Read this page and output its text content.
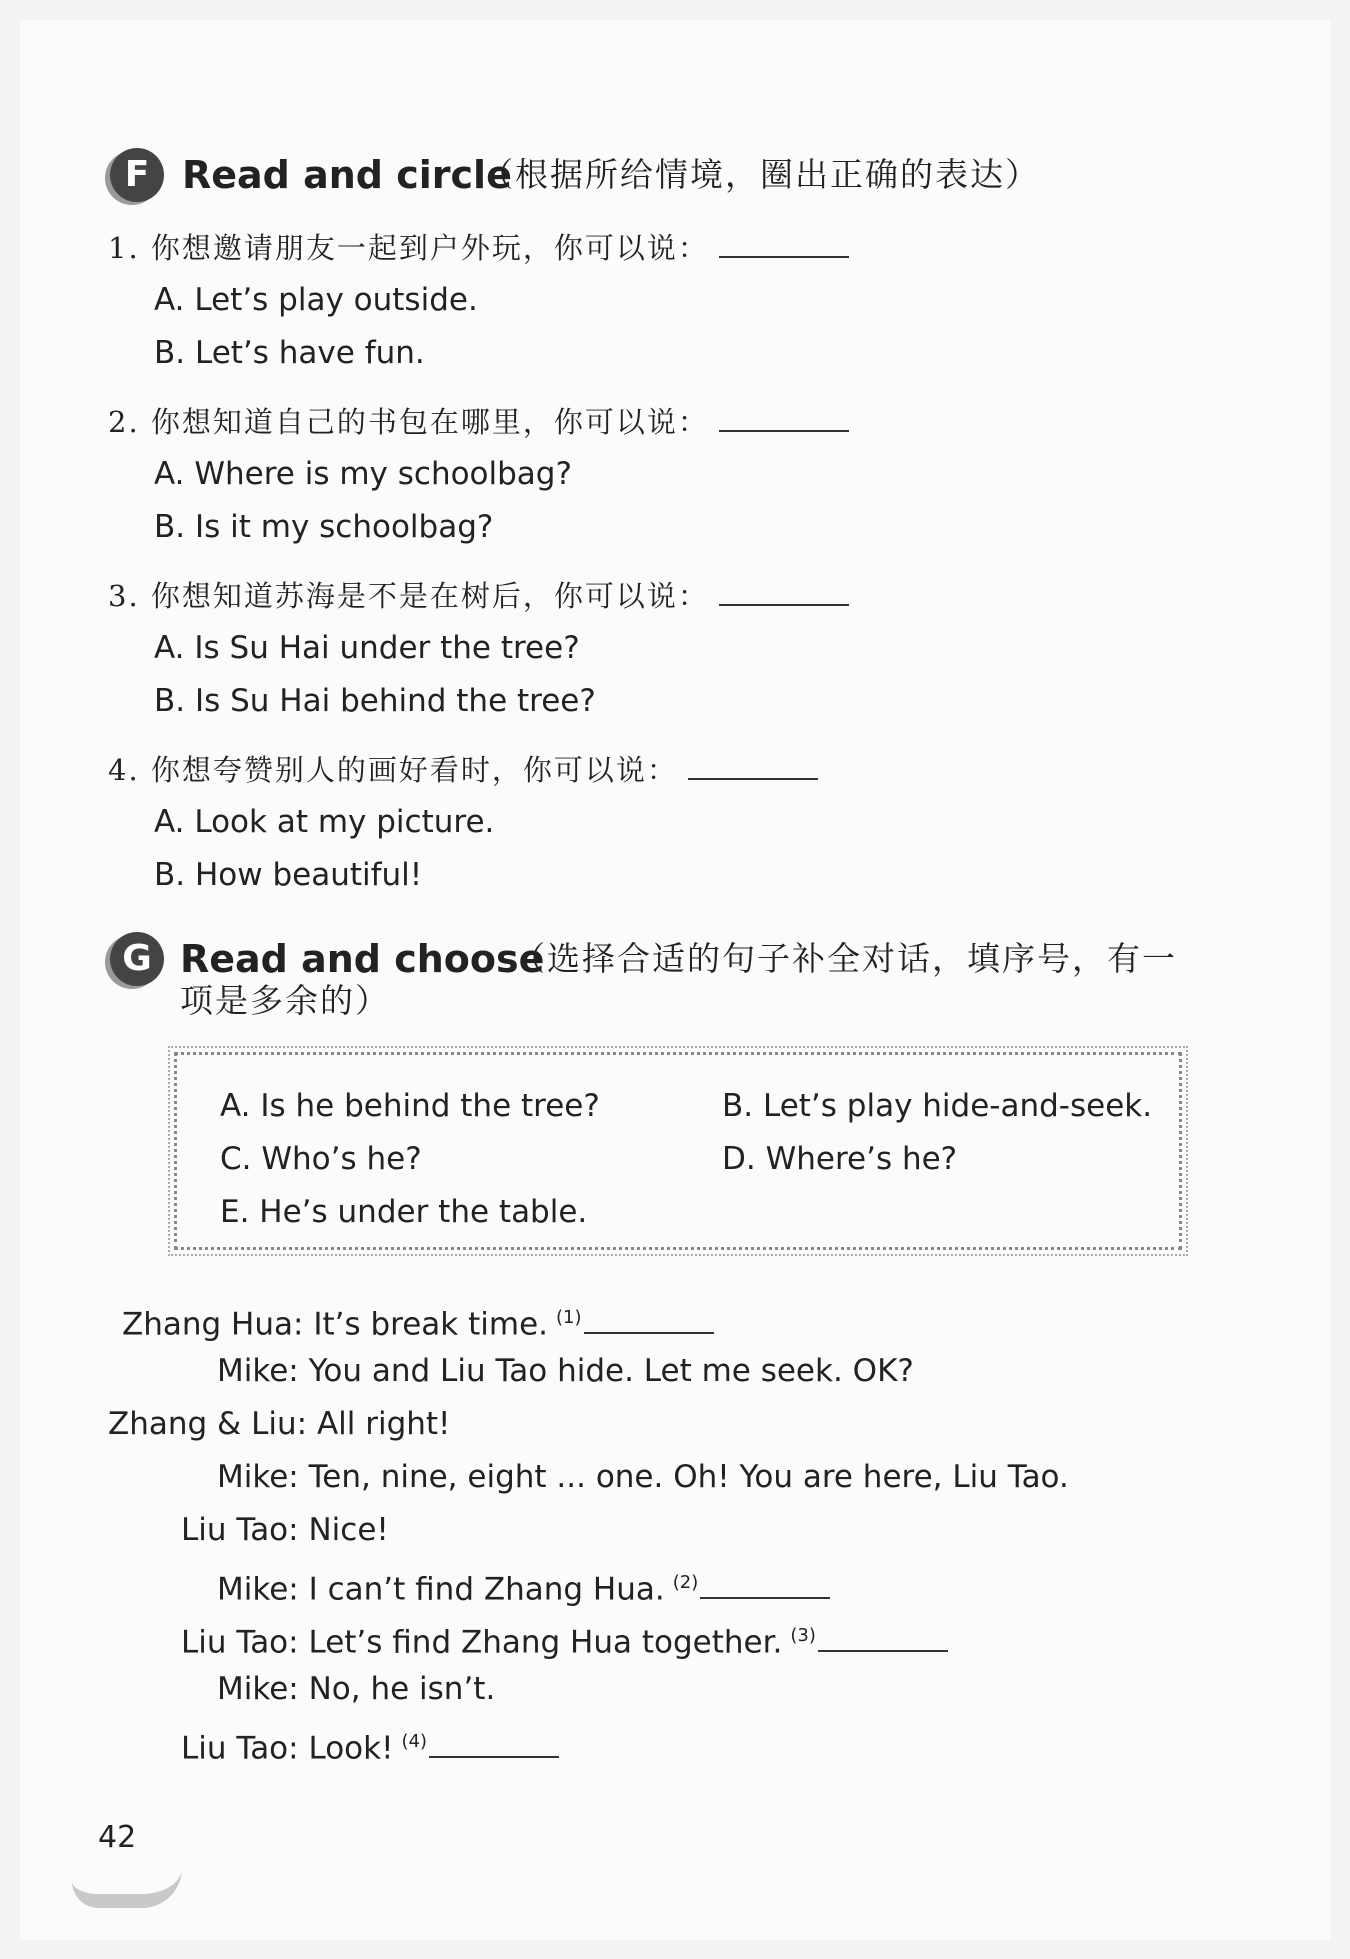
F Read and circle
（根据所给情境，圈出正确的表达）
1. 你想邀请朋友一起到户外玩，你可以说：
A. Let’s play outside.
B. Let’s have fun.
2. 你想知道自己的书包在哪里，你可以说：
A. Where is my schoolbag?
B. Is it my schoolbag?
3. 你想知道苏海是不是在树后，你可以说：
A. Is Su Hai under the tree?
B. Is Su Hai behind the tree?
4. 你想夸赞别人的画好看时，你可以说：
A. Look at my picture.
B. How beautiful!
G Read and choose
（选择合适的句子补全对话，填序号，有一
项是多余的）
A. Is he behind the tree?	B. Let’s play hide-and-seek.
C. Who’s he?	D. Where’s he?
E. He’s under the table.
Zhang Hua: It’s break time. $^{(1)}$
Mike: You and Liu Tao hide. Let me seek. OK?
Zhang & Liu: All right!
Mike: Ten, nine, eight ... one. Oh! You are here, Liu Tao.
Liu Tao: Nice!
Mike: I can’t find Zhang Hua. $^{(2)}$
Liu Tao: Let’s find Zhang Hua together. $^{(3)}$
Mike: No, he isn’t.
Liu Tao: Look! $^{(4)}$
42
